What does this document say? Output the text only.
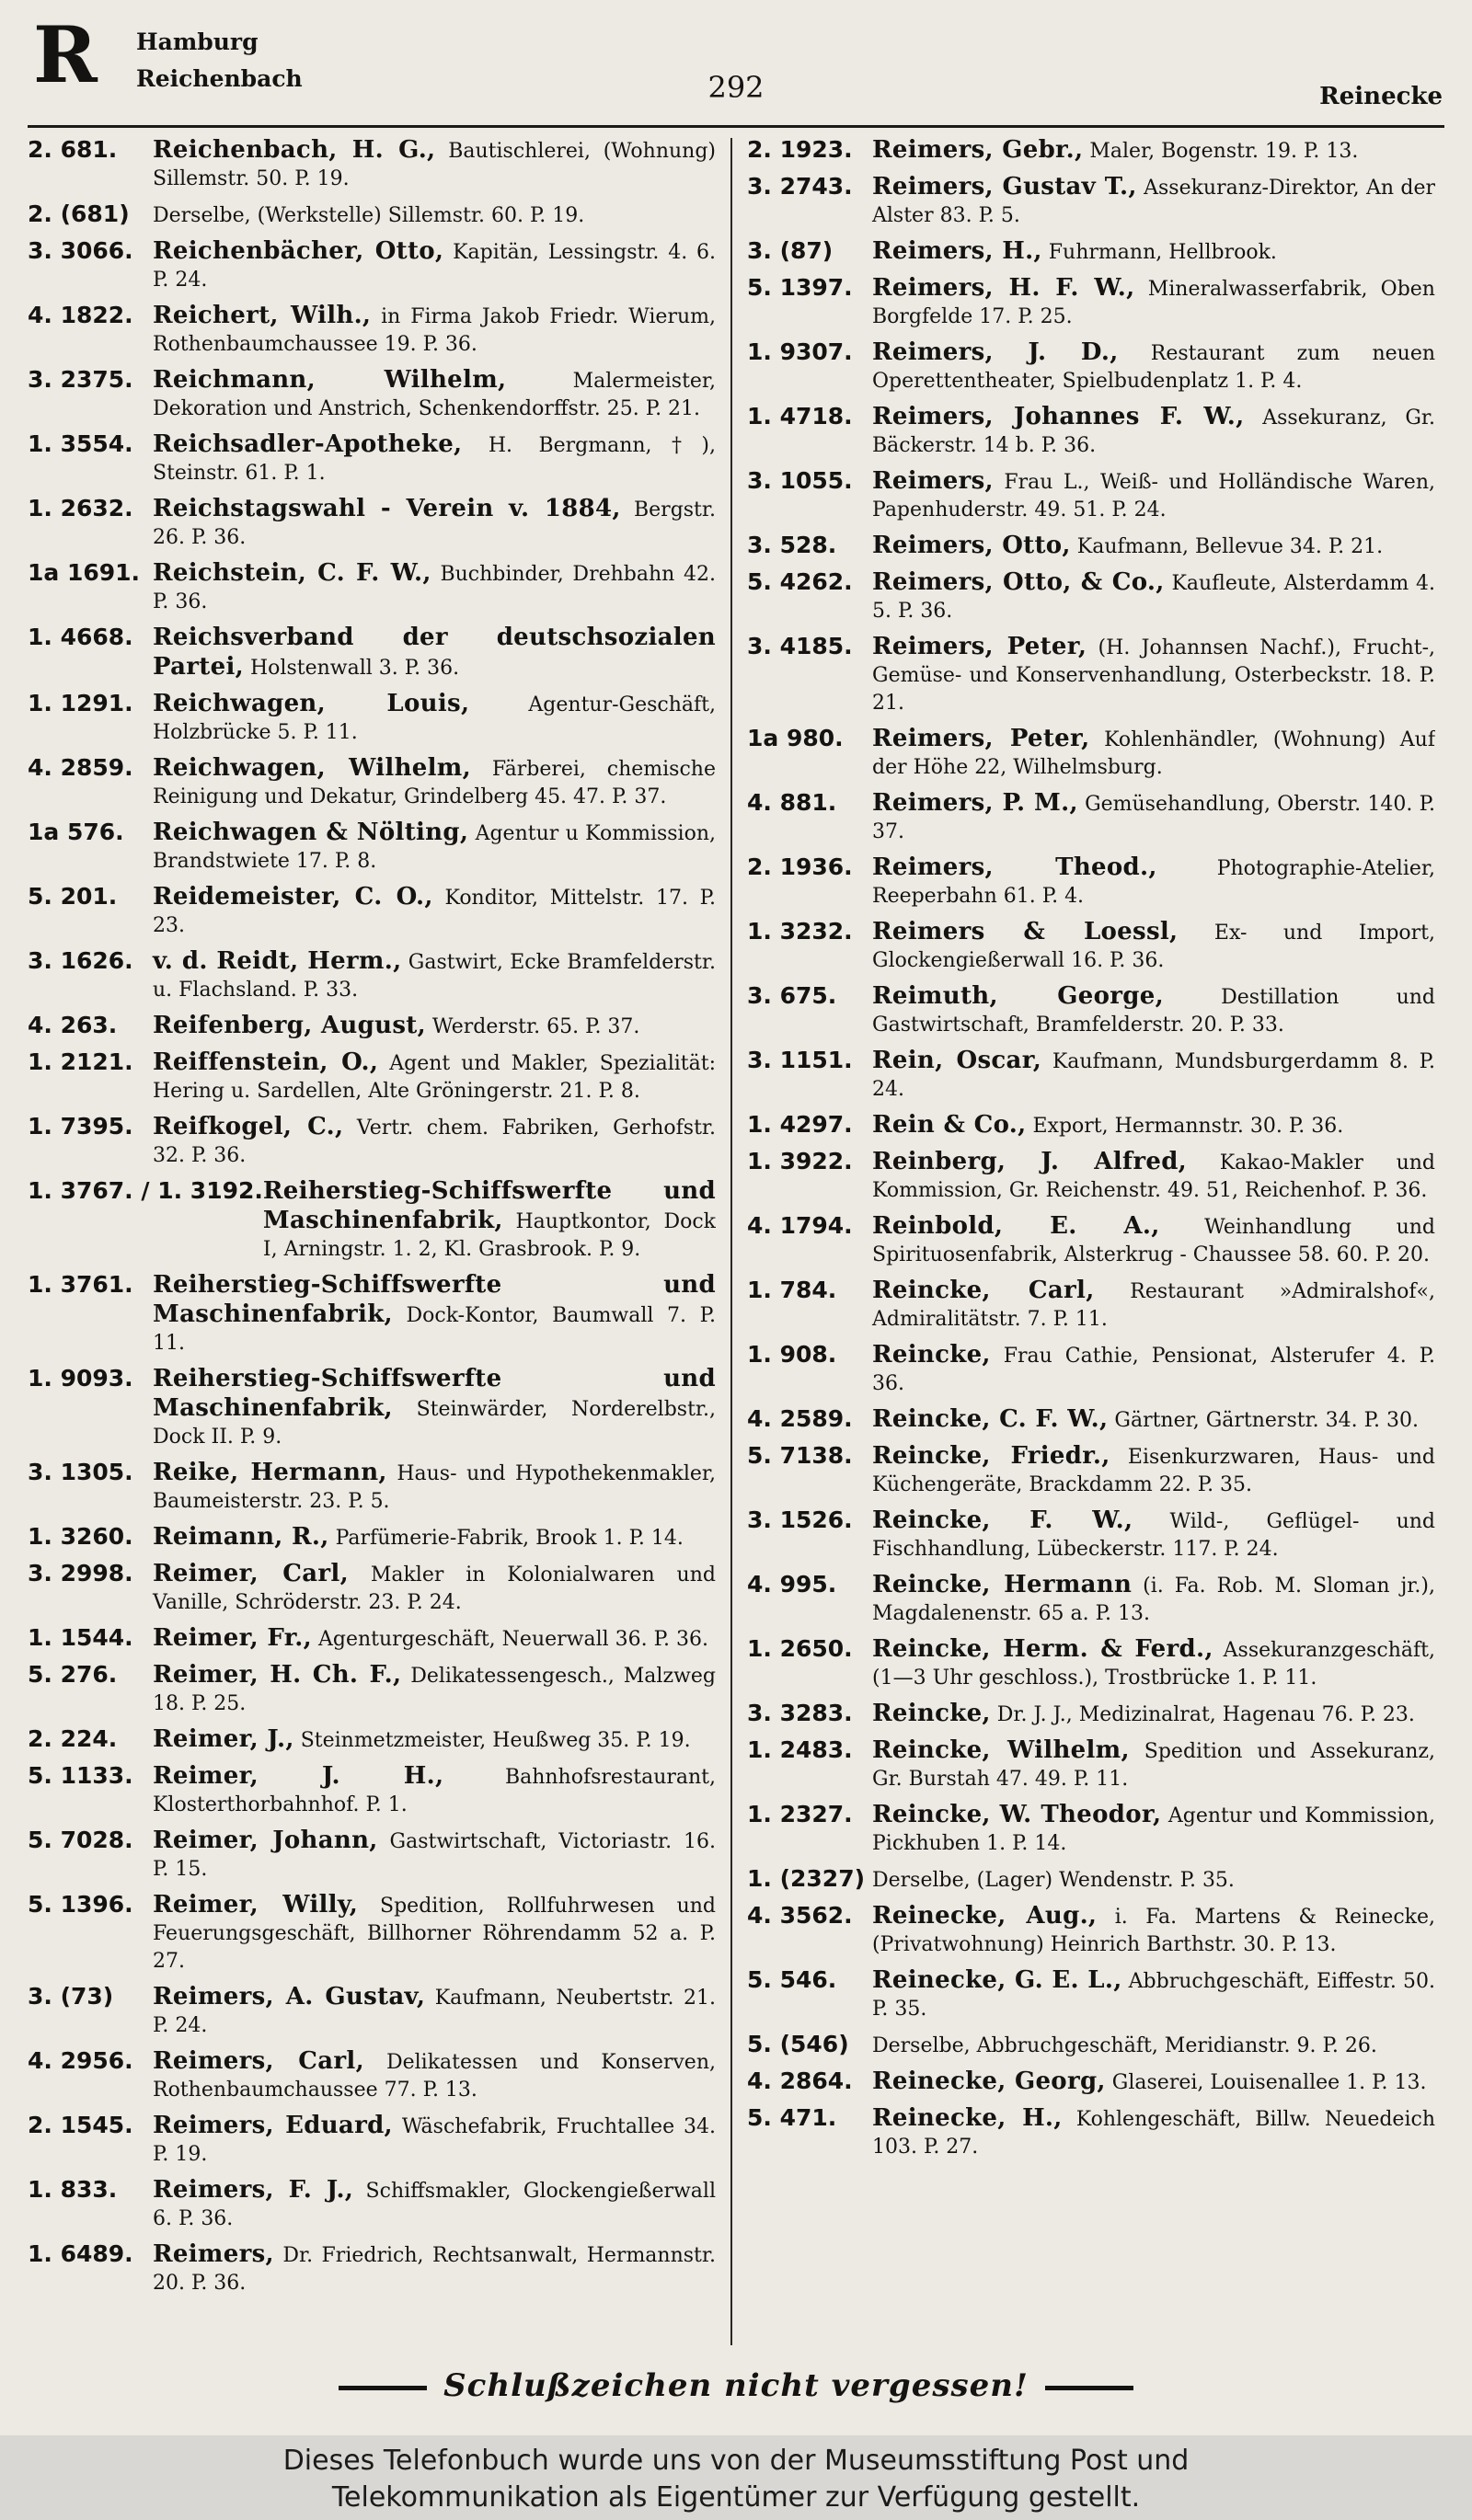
R Hamburg
Reichenbach	292	Reinecke
2. 681.	Reichenbach, H. G., Bautischlerei, (Wohnung) Sillemstr. 50. P. 19.
2. (681)	Derselbe, (Werkstelle) Sillemstr. 60. P. 19.
3. 3066. Reichenbächer, Otto, Kapitän, Lessingstr. 4. 6. P. 24.
4. 1822. Reichert, Wilh., in Firma Jakob Friedr. Wierum, Rothenbaumchaussee 19. P. 36.
3. 2375. Reichmann, Wilhelm,	Malermeister, Dekoration und Anstrich, Schenkendorffstr. 25. P. 21.
1. 3554. Reichsadler-Apotheke, H. Bergmann,†), Steinstr. 61. P. 1.
1. 2632. Reichstagswahl - Verein v. 1884, Bergstr. 26. P. 36.
1a 1691. Reichstein, C. F. W., Buchbinder, Drehbahn 42. P. 36.
1. 4668. Reichsverband der deutschsozialen Partei, Holstenwall 3. P. 36.
1. 1291. Reichwagen, Louis,	Agentur-Geschäft, Holzbrücke 5. P. 11.
4. 2859. Reichwagen, Wilhelm, Färberei, chemische Reinigung und Dekatur, Grindelberg 45. 47. P. 37.
1a 576.	Reichwagen & Nölting, Agentur u Kommission, Brandstwiete 17. P. 8.
5. 201.	Reidemeister, C. O., Konditor, Mittelstr. 17. P. 23.
3. 1626. v. d. Reidt, Herm., Gastwirt, Ecke Bramfelderstr. u. Flachsland. P. 33.
4. 263.	Reifenberg, August, Werderstr. 65. P. 37.
1. 2121. Reiffenstein, O., Agent und Makler, Spezialität: Hering u. Sardellen, Alte Gröningerstr. 21. P. 8.
1. 7395. Reifkogel, C., Vertr. chem. Fabriken, Gerhofstr. 32. P. 36.
1. 3767. / 1. 3192. Reiherstieg-Schiffswerfte und Maschinenfabrik, Hauptkontor, Dock I, Arningstr. 1. 2, Kl. Grasbrook. P. 9.
1. 3761. Reiherstieg-Schiffswerfte und Maschinenfabrik, Dock-Kontor, Baumwall 7. P. 11.
1. 9093. Reiherstieg-Schiffswerfte und Maschinenfabrik, Steinwärder, Norderelbstr., Dock II. P. 9.
3. 1305. Reike, Hermann, Haus- und Hypothekenmakler, Baumeisterstr. 23. P. 5.
1. 3260. Reimann, R., Parfümerie-Fabrik, Brook 1. P. 14.
3. 2998. Reimer, Carl, Makler in Kolonialwaren und Vanille, Schröderstr. 23. P. 24.
1. 1544. Reimer, Fr., Agenturgeschäft, Neuerwall 36. P. 36.
5. 276.	Reimer, H. Ch. F., Delikatessengesch., Malzweg 18. P. 25.
2. 224.	Reimer, J., Steinmetzmeister, Heußweg 35. P. 19.
5. 1133. Reimer, J. H.,	Bahnhofsrestaurant, Klosterthorbahnhof. P. 1.
5. 7028. Reimer, Johann, Gastwirtschaft, Victoriastr. 16. P. 15.
5. 1396. Reimer, Willy, Spedition, Rollfuhrwesen und Feuerungsgeschäft, Billhorner Röhrendamm 52 a. P. 27.
3. (73)	Reimers, A. Gustav, Kaufmann, Neubertstr. 21. P. 24.
4. 2956. Reimers, Carl, Delikatessen und Konserven, Rothenbaumchaussee 77. P. 13.
2. 1545. Reimers, Eduard, Wäschefabrik, Fruchtallee 34. P. 19.
1. 833.	Reimers, F. J., Schiffsmakler, Glockengießerwall 6. P. 36.
1. 6489. Reimers, Dr. Friedrich, Rechtsanwalt, Hermannstr. 20. P. 36.
2. 1923. Reimers, Gebr., Maler, Bogenstr. 19. P. 13.
3. 2743. Reimers, Gustav T., Assekuranz-Direktor, An der Alster 83. P. 5.
3. (87)	Reimers, H., Fuhrmann, Hellbrook.
5. 1397. Reimers, H. F. W., Mineralwasserfabrik, Oben Borgfelde 17. P. 25.
1. 9307. Reimers, J. D., Restaurant zum neuen Operettentheater, Spielbudenplatz 1. P. 4.
1. 4718. Reimers, Johannes F. W., Assekuranz, Gr. Bäckerstr. 14 b. P. 36.
3. 1055. Reimers, Frau L., Weiß- und Holländische Waren, Papenhuderstr. 49. 51. P. 24.
3. 528.	Reimers, Otto, Kaufmann, Bellevue 34. P. 21.
5. 4262. Reimers, Otto, & Co., Kaufleute, Alsterdamm 4. 5. P. 36.
3. 4185. Reimers, Peter, (H. Johannsen Nachf.), Frucht-, Gemüse- und Konservenhandlung, Osterbeckstr. 18. P. 21.
1a 980.	Reimers, Peter, Kohlenhändler, (Wohnung) Auf der Höhe 22, Wilhelmsburg.
4. 881.	Reimers, P. M., Gemüsehandlung, Oberstr. 140. P. 37.
2. 1936. Reimers, Theod.,	Photographie-Atelier, Reeperbahn 61. P. 4.
1. 3232. Reimers & Loessl, Ex- und Import, Glockengießerwall 16. P. 36.
3. 675.	Reimuth, George,	Destillation und Gastwirtschaft, Bramfelderstr. 20. P. 33.
3. 1151. Rein, Oscar, Kaufmann, Mundsburgerdamm 8. P. 24.
1. 4297. Rein & Co., Export, Hermannstr. 30. P. 36.
1. 3922. Reinberg, J. Alfred, Kakao-Makler und Kommission, Gr. Reichenstr. 49. 51, Reichenhof. P. 36.
4. 1794. Reinbold, E. A., Weinhandlung und Spirituosenfabrik, Alsterkrug - Chaussee 58. 60. P. 20.
1. 784.	Reincke, Carl, Restaurant »Admiralshof«, Admiralitätstr. 7. P. 11.
1. 908.	Reincke, Frau Cathie, Pensionat, Alsterufer 4. P. 36.
4. 2589. Reincke, C. F. W., Gärtner, Gärtnerstr. 34. P. 30.
5. 7138. Reincke, Friedr., Eisenkurzwaren, Haus- und Küchengeräte, Brackdamm 22. P. 35.
3. 1526. Reincke, F. W., Wild-, Geflügel- und Fischhandlung, Lübeckerstr. 117. P. 24.
4. 995.	Reincke, Hermann (i. Fa. Rob. M. Sloman jr.), Magdalenenstr. 65 a. P. 13.
1. 2650. Reincke, Herm. & Ferd., Assekuranzgeschäft, (1—3 Uhr geschloss.), Trostbrücke 1. P. 11.
3. 3283. Reincke, Dr. J. J., Medizinalrat, Hagenau 76. P. 23.
1. 2483. Reincke, Wilhelm, Spedition und Assekuranz, Gr. Burstah 47. 49. P. 11.
1. 2327. Reincke, W. Theodor, Agentur und Kommission, Pickhuben 1. P. 14.
1. (2327) Derselbe, (Lager) Wendenstr. P. 35.
4. 3562. Reinecke, Aug., i. Fa. Martens & Reinecke, (Privatwohnung) Heinrich Barthstr. 30. P. 13.
5. 546.	Reinecke, G. E. L., Abbruchgeschäft, Eiffestr. 50. P. 35.
5. (546)	Derselbe, Abbruchgeschäft, Meridianstr. 9. P. 26.
4. 2864. Reinecke, Georg, Glaserei, Louisenallee 1. P. 13.
5. 471.	Reinecke, H., Kohlengeschäft, Billw. Neuedeich 103. P. 27.
Schlußzeichen nicht vergessen!
Dieses Telefonbuch wurde uns von der Museumsstiftung Post und
Telekommunikation als Eigentümer zur Verfügung gestellt.
